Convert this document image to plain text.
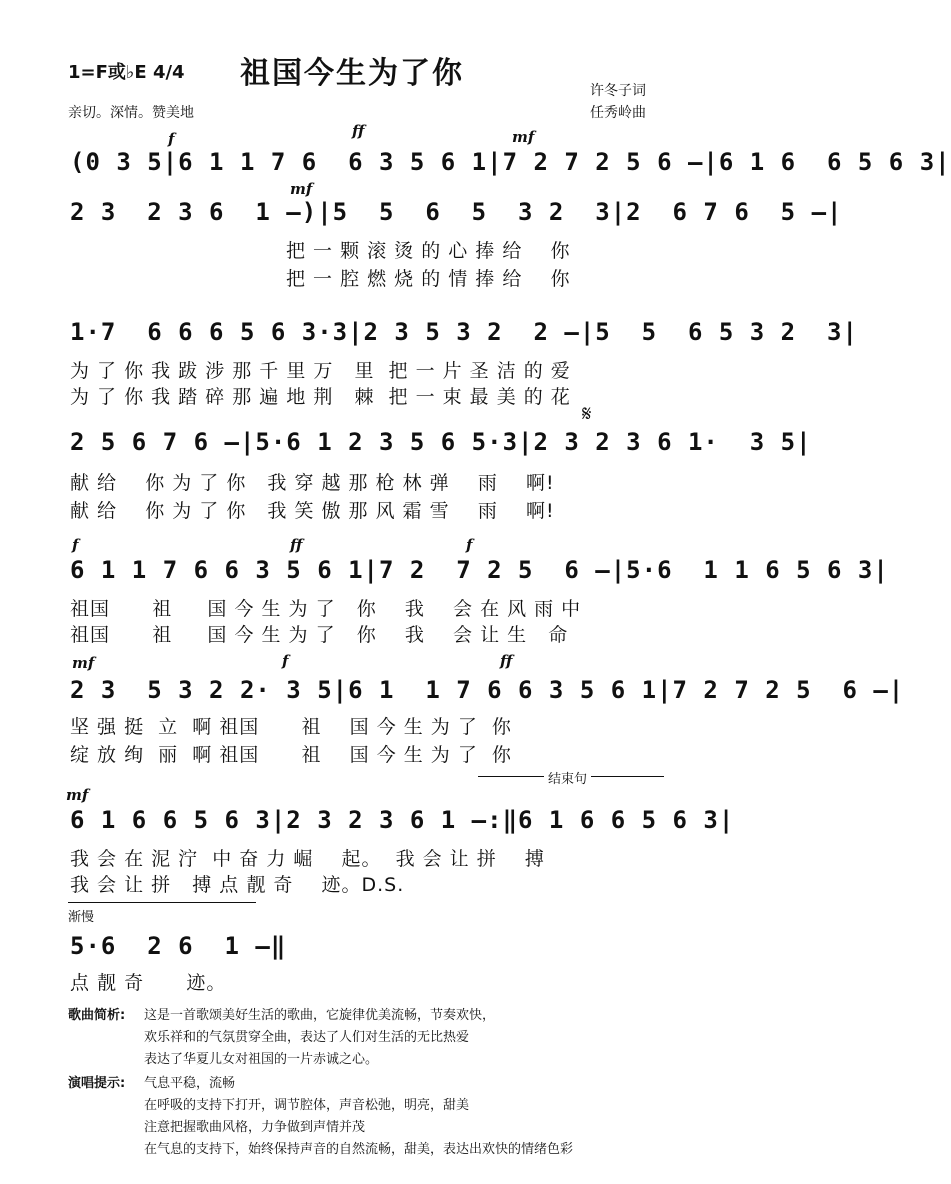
1=F或♭E 4/4 祖国今生为了你	许冬子词
任秀岭曲
亲切。深情。赞美地
f	ff	mf
mf
f	ff	f
mf	f	ff
mf
𝄋
(0 3 5|6 1 1 7 6  6 3 5 6 1|7 2 7 2 5 6 –|6 1 6  6 5 6 3|
2 3  2 3 6  1 –)|5  5  6  5  3 2  3|2  6 7 6  5 –|
把 一 颗 滚 烫 的 心 捧 给    你
把 一 腔 燃 烧 的 情 捧 给    你
1·7  6 6 6 5 6 3·3|2 3 5 3 2  2 –|5  5  6 5 3 2  3|
为 了 你 我 跋 涉 那 千 里 万   里  把 一 片 圣 洁 的 爱
为 了 你 我 踏 碎 那 遍 地 荆   棘  把 一 束 最 美 的 花
2 5 6 7 6 –|5·6 1 2 3 5 6 5·3|2 3 2 3 6 1·  3 5|
献 给    你 为 了 你   我 穿 越 那 枪 林 弹    雨    啊!
献 给    你 为 了 你   我 笑 傲 那 风 霜 雪    雨    啊!
6 1 1 7 6 6 3 5 6 1|7 2  7 2 5  6 –|5·6  1 1 6 5 6 3|
祖国      祖     国 今 生 为 了   你    我    会 在 风 雨 中
祖国      祖     国 今 生 为 了   你    我    会 让 生   命
2 3  5 3 2 2· 3 5|6 1  1 7 6 6 3 5 6 1|7 2 7 2 5  6 –|
坚 强 挺  立  啊 祖国      祖    国 今 生 为 了  你
绽 放 绚  丽  啊 祖国      祖    国 今 生 为 了  你

结束句

6 1 6 6 5 6 3|2 3 2 3 6 1 –:‖6 1 6 6 5 6 3|
我 会 在 泥 泞  中 奋 力 崛    起。  我 会 让 拼    搏
我 会 让 拼   搏 点 靓 奇    迹。D.S.
渐慢
5·6  2 6  1 –‖
点 靓 奇      迹。
歌曲简析: 这是一首歌颂美好生活的歌曲，它旋律优美流畅，节奏欢快，
欢乐祥和的气氛贯穿全曲，表达了人们对生活的无比热爱
表达了华夏儿女对祖国的一片赤诚之心。
演唱提示: 气息平稳，流畅
在呼吸的支持下打开，调节腔体，声音松弛，明亮，甜美
注意把握歌曲风格，力争做到声情并茂
在气息的支持下，始终保持声音的自然流畅，甜美，表达出欢快的情绪色彩
